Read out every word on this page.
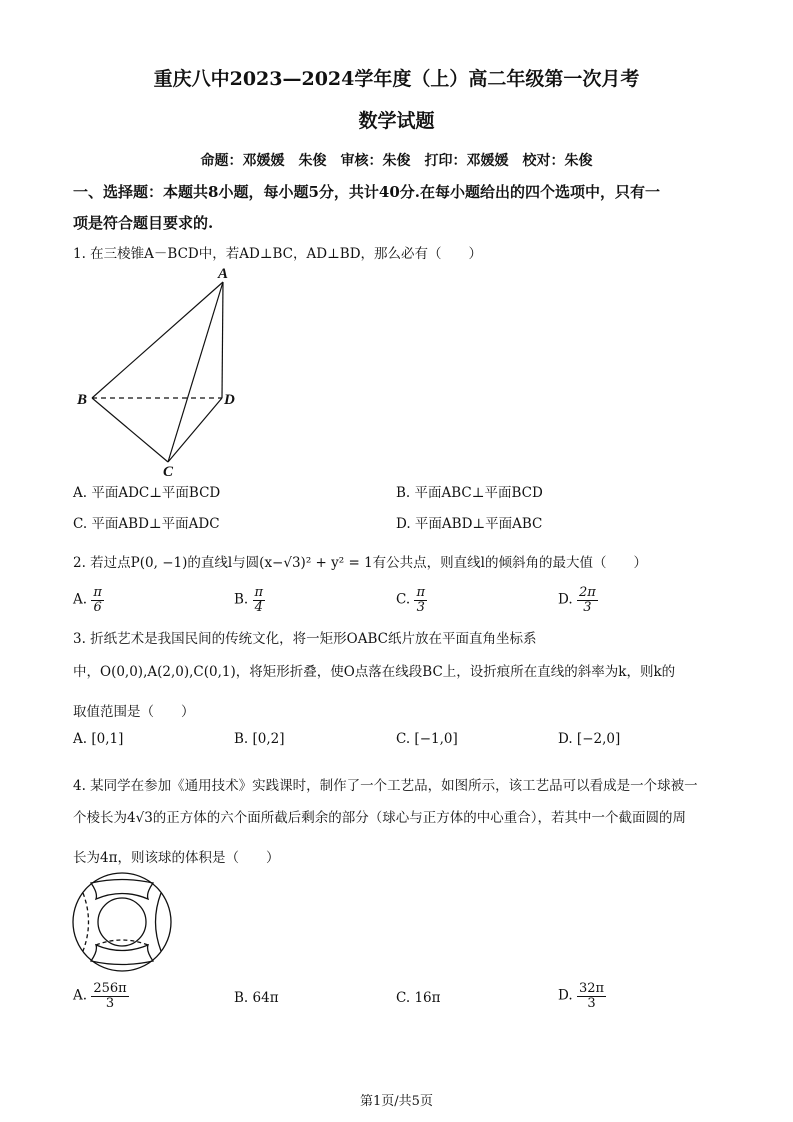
重庆八中2023—2024学年度（上）高二年级第一次月考
数学试题
命题：邓媛媛　朱俊　审核：朱俊　打印：邓媛媛　校对：朱俊
一、选择题：本题共8小题，每小题5分，共计40分.在每小题给出的四个选项中，只有一
项是符合题目要求的.
1. 在三棱锥A－BCD中，若AD⊥BC，AD⊥BD，那么必有（　　）
A
B
C
D
A. 平面ADC⊥平面BCD	B. 平面ABC⊥平面BCD
C. 平面ABD⊥平面ADC	D. 平面ABD⊥平面ABC
2. 若过点P(0, −1)的直线l与圆(x−√3)² + y² = 1有公共点，则直线l的倾斜角的最大值（　　）
A. $\frac{\pi}{6}$	B. $\frac{\pi}{4}$	C. $\frac{\pi}{3}$	D. $\frac{2\pi}{3}$
3. 折纸艺术是我国民间的传统文化，将一矩形OABC纸片放在平面直角坐标系
中，O(0,0),A(2,0),C(0,1)，将矩形折叠，使O点落在线段BC上，设折痕所在直线的斜率为k，则k的
取值范围是（　　）
A. [0,1]	B. [0,2]	C. [−1,0]	D. [−2,0]
4. 某同学在参加《通用技术》实践课时，制作了一个工艺品，如图所示，该工艺品可以看成是一个球被一
个棱长为4√3的正方体的六个面所截后剩余的部分（球心与正方体的中心重合），若其中一个截面圆的周
长为4π，则该球的体积是（　　）
A. $\frac{256\pi}{3}$	B. 64π	C. 16π	D. $\frac{32\pi}{3}$
第1页/共5页
